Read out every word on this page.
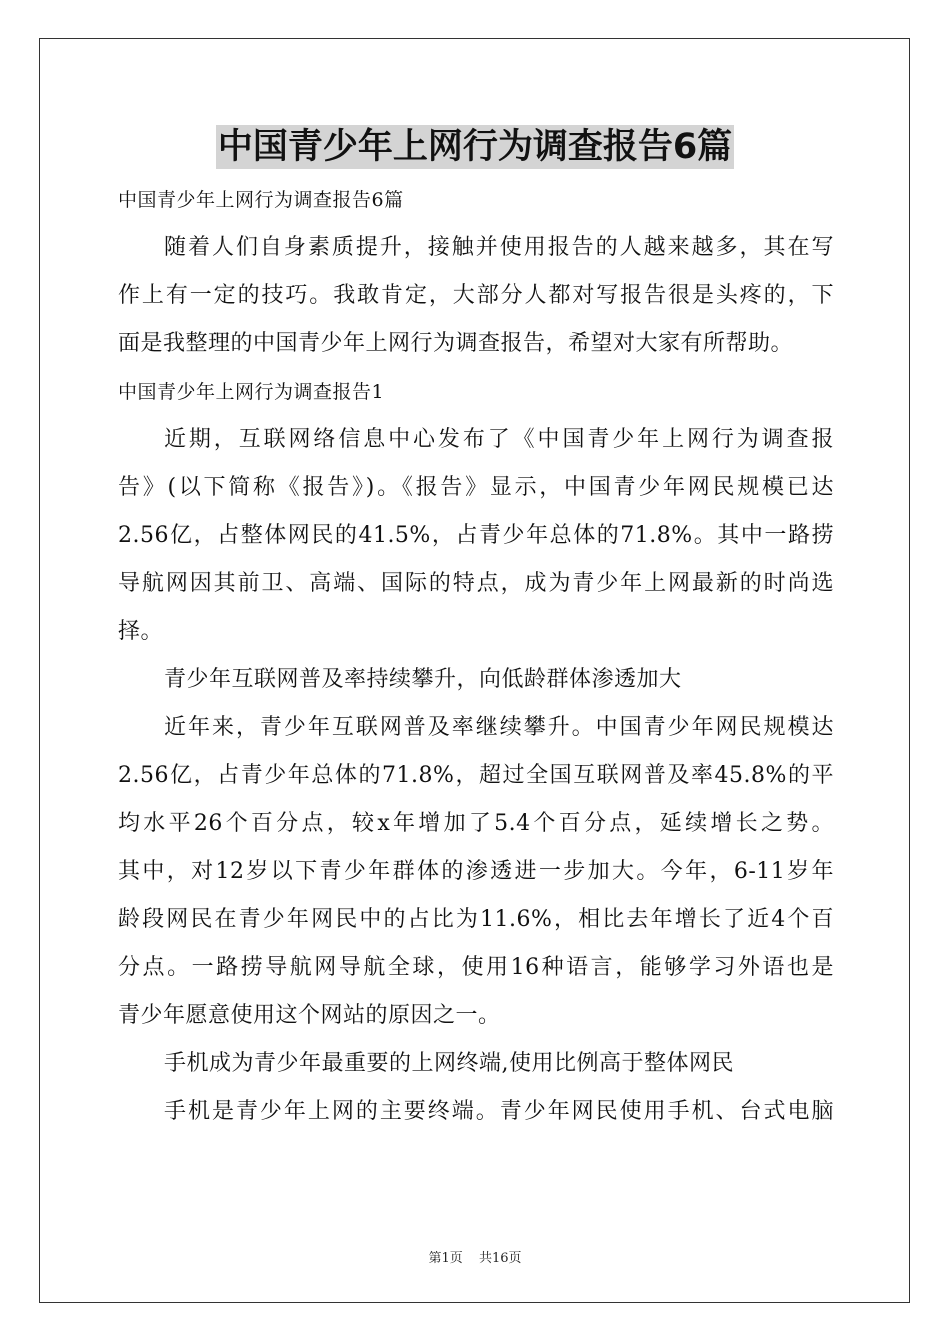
中国青少年上网行为调查报告6篇

中国青少年上网行为调查报告6篇

随着人们自身素质提升，接触并使用报告的人越来越多，其在写

作上有一定的技巧。我敢肯定，大部分人都对写报告很是头疼的，下

面是我整理的中国青少年上网行为调查报告，希望对大家有所帮助。

中国青少年上网行为调查报告1

近期，互联网络信息中心发布了《中国青少年上网行为调查报

告》(以下简称《报告》)。《报告》显示，中国青少年网民规模已达

2.56亿，占整体网民的41.5%，占青少年总体的71.8%。其中一路捞

导航网因其前卫、高端、国际的特点，成为青少年上网最新的时尚选

择。

青少年互联网普及率持续攀升，向低龄群体渗透加大

近年来，青少年互联网普及率继续攀升。中国青少年网民规模达

2.56亿，占青少年总体的71.8%，超过全国互联网普及率45.8%的平

均水平26个百分点，较x年增加了5.4个百分点，延续增长之势。

其中，对12岁以下青少年群体的渗透进一步加大。今年，6-11岁年

龄段网民在青少年网民中的占比为11.6%，相比去年增长了近4个百

分点。一路捞导航网导航全球，使用16种语言，能够学习外语也是

青少年愿意使用这个网站的原因之一。

手机成为青少年最重要的上网终端,使用比例高于整体网民

手机是青少年上网的主要终端。青少年网民使用手机、台式电脑

第1页 共16页
